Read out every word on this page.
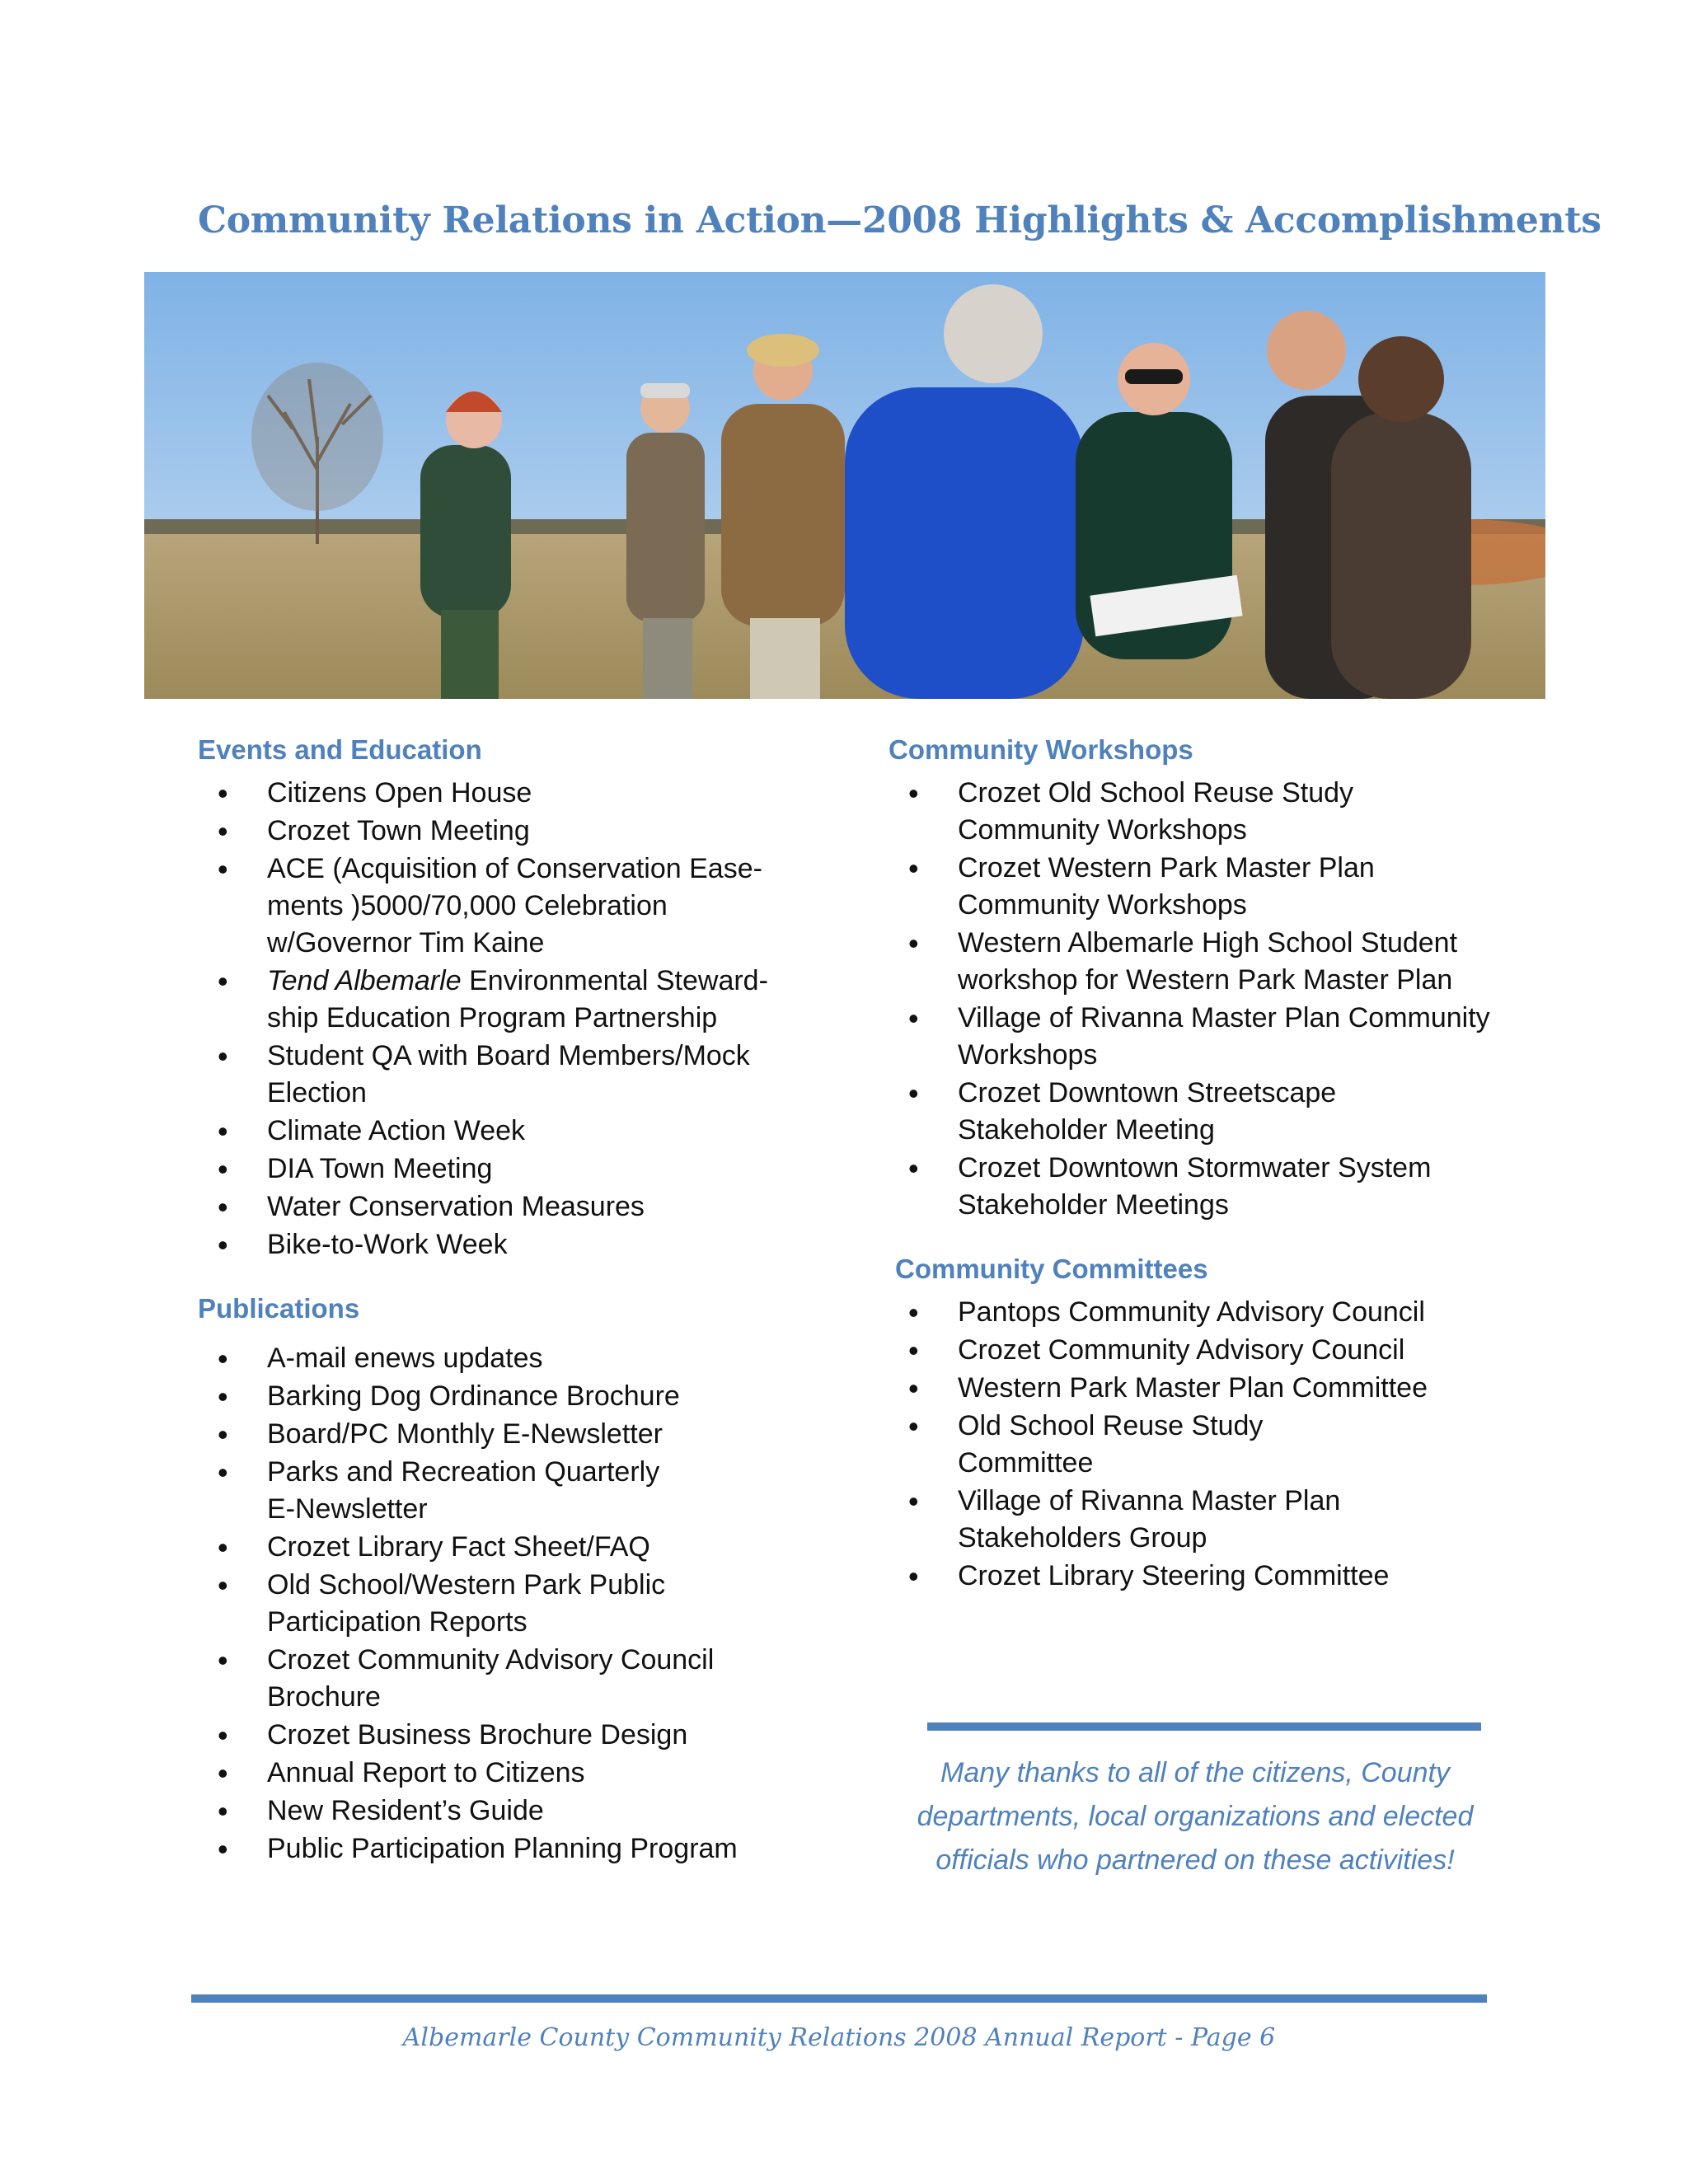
Community Relations in Action—2008 Highlights & Accomplishments
Events and Education
• Citizens Open House
• Crozet Town Meeting
• ACE (Acquisition of Conservation Ease-
ments )5000/70,000 Celebration
w/Governor Tim Kaine
• Tend Albemarle Environmental Steward-
ship Education Program Partnership
• Student QA with Board Members/Mock
Election
• Climate Action Week
• DIA Town Meeting
• Water Conservation Measures
• Bike-to-Work Week
Publications
• A-mail enews updates
• Barking Dog Ordinance Brochure
• Board/PC Monthly E-Newsletter
• Parks and Recreation Quarterly
E-Newsletter
• Crozet Library Fact Sheet/FAQ
• Old School/Western Park Public
Participation Reports
• Crozet Community Advisory Council
Brochure
• Crozet Business Brochure Design
• Annual Report to Citizens
• New Resident’s Guide
• Public Participation Planning Program
Community Workshops
• Crozet Old School Reuse Study
Community Workshops
• Crozet Western Park Master Plan
Community Workshops
• Western Albemarle High School Student
workshop for Western Park Master Plan
• Village of Rivanna Master Plan Community
Workshops
• Crozet Downtown Streetscape
Stakeholder Meeting
• Crozet Downtown Stormwater System
Stakeholder Meetings
Community Committees
• Pantops Community Advisory Council
• Crozet Community Advisory Council
• Western Park Master Plan Committee
• Old School Reuse Study
Committee
• Village of Rivanna Master Plan
Stakeholders Group
• Crozet Library Steering Committee
Many thanks to all of the citizens, County departments, local organizations and elected officials who partnered on these activities!
Albemarle County Community Relations 2008 Annual Report - Page 6
